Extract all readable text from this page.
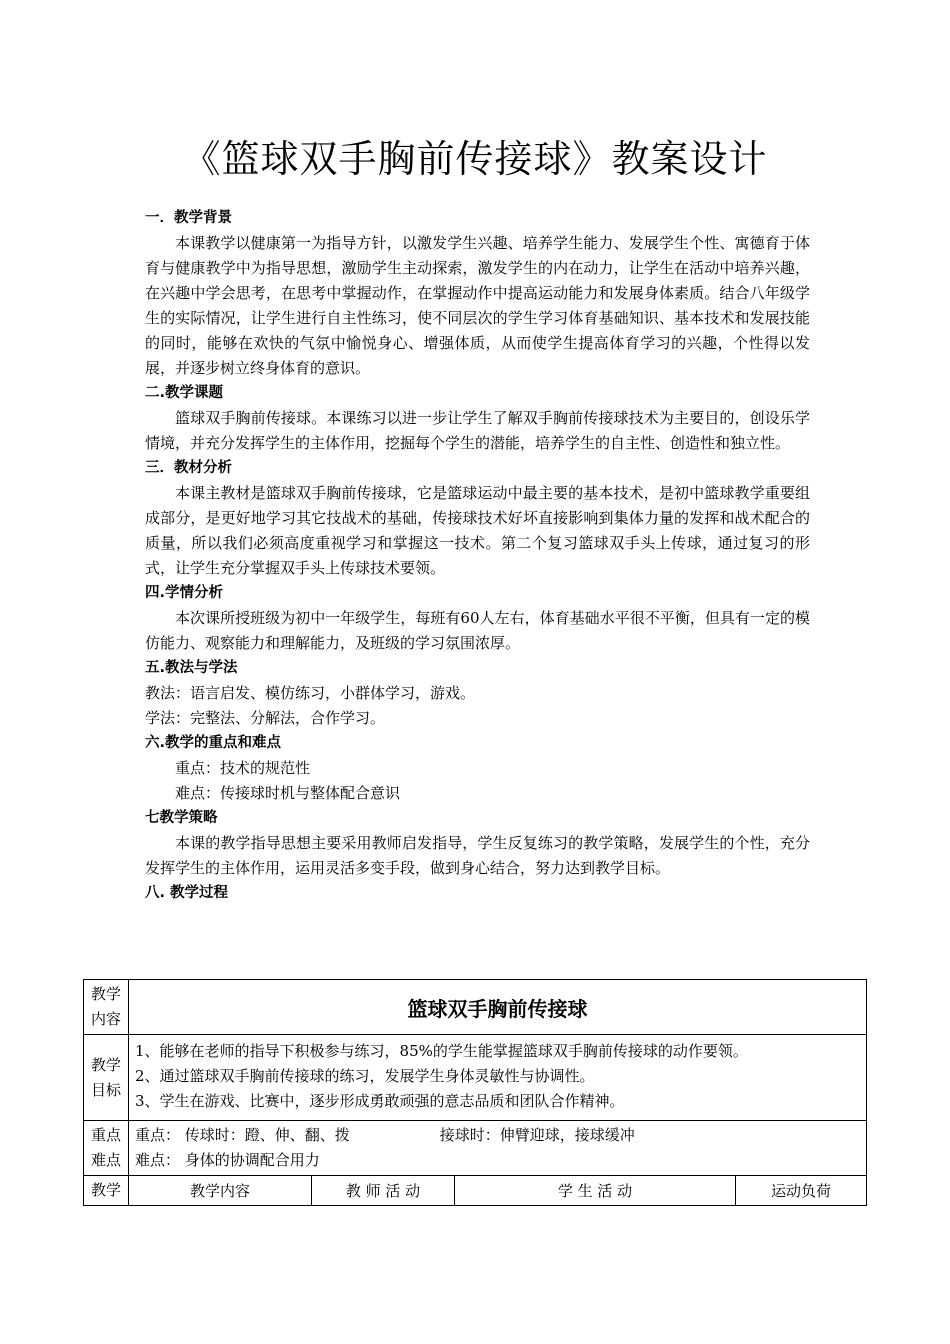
《篮球双手胸前传接球》教案设计
一．教学背景
本课教学以健康第一为指导方针，以激发学生兴趣、培养学生能力、发展学生个性、寓德育于体育与健康教学中为指导思想，激励学生主动探索，激发学生的内在动力，让学生在活动中培养兴趣，在兴趣中学会思考，在思考中掌握动作，在掌握动作中提高运动能力和发展身体素质。结合八年级学生的实际情况，让学生进行自主性练习，使不同层次的学生学习体育基础知识、基本技术和发展技能的同时，能够在欢快的气氛中愉悦身心、增强体质，从而使学生提高体育学习的兴趣，个性得以发展，并逐步树立终身体育的意识。
二.教学课题
篮球双手胸前传接球。本课练习以进一步让学生了解双手胸前传接球技术为主要目的，创设乐学情境，并充分发挥学生的主体作用，挖掘每个学生的潜能，培养学生的自主性、创造性和独立性。
三．教材分析
本课主教材是篮球双手胸前传接球，它是篮球运动中最主要的基本技术，是初中篮球教学重要组成部分，是更好地学习其它技战术的基础，传接球技术好坏直接影响到集体力量的发挥和战术配合的质量，所以我们必须高度重视学习和掌握这一技术。第二个复习篮球双手头上传球，通过复习的形式，让学生充分掌握双手头上传球技术要领。
四.学情分析
本次课所授班级为初中一年级学生，每班有60人左右，体育基础水平很不平衡，但具有一定的模仿能力、观察能力和理解能力，及班级的学习氛围浓厚。
五.教法与学法
教法：语言启发、模仿练习，小群体学习，游戏。
学法：完整法、分解法，合作学习。
六.教学的重点和难点
重点：技术的规范性
难点：传接球时机与整体配合意识
七教学策略
本课的教学指导思想主要采用教师启发指导，学生反复练习的教学策略，发展学生的个性，充分发挥学生的主体作用，运用灵活多变手段，做到身心结合，努力达到教学目标。
八. 教学过程
教学内容	篮球双手胸前传接球			
教学目标	1、能够在老师的指导下积极参与练习，85%的学生能掌握篮球双手胸前传接球的动作要领。
2、通过篮球双手胸前传接球的练习，发展学生身体灵敏性与协调性。
3、学生在游戏、比赛中，逐步形成勇敢顽强的意志品质和团队合作精神。			

重点难点	重点： 传球时：蹬、伸、翻、拨 接球时：伸臂迎球，接球缓冲
难点： 身体的协调配合用力			

教学	教学内容	教 师 活 动	学 生 活 动	运动负荷
